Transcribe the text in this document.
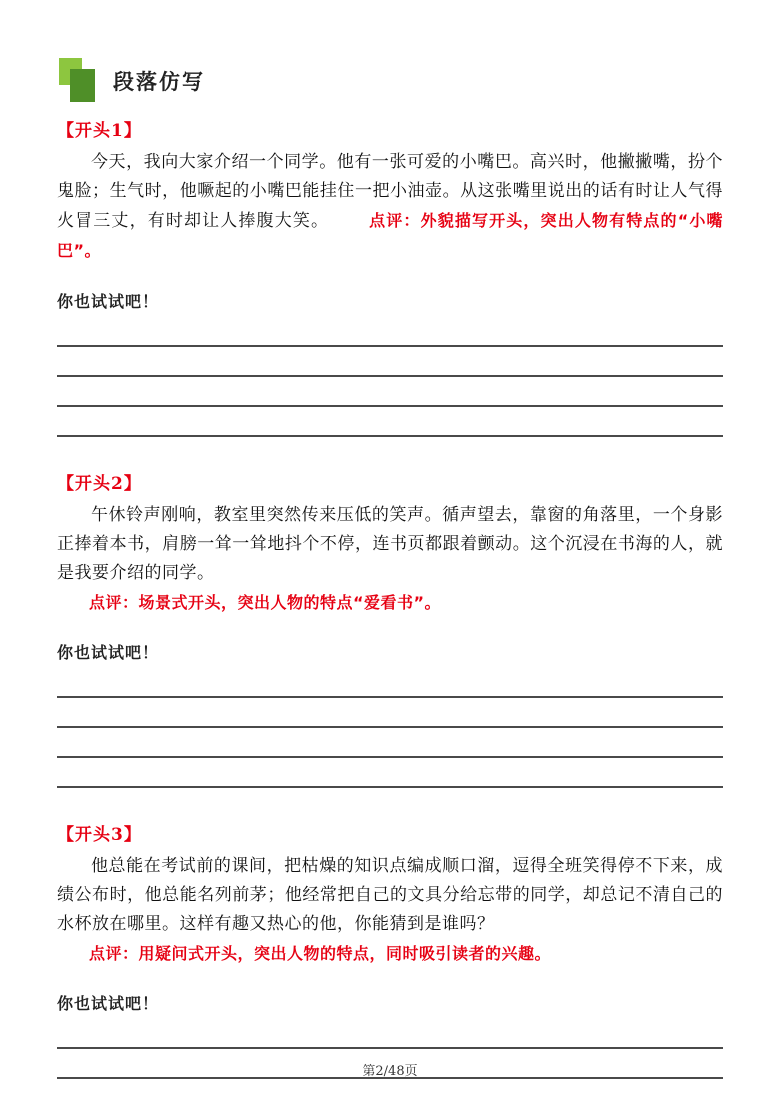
段落仿写
【开头1】

今天，我向大家介绍一个同学。他有一张可爱的小嘴巴。高兴时，他撇撇嘴，扮个鬼脸；生气时，他噘起的小嘴巴能挂住一把小油壶。从这张嘴里说出的话有时让人气得火冒三丈，有时却让人捧腹大笑。	点评：外貌描写开头，突出人物有特点的“小嘴巴”。

你也试试吧！
【开头2】

午休铃声刚响，教室里突然传来压低的笑声。循声望去，靠窗的角落里，一个身影正捧着本书，肩膀一耸一耸地抖个不停，连书页都跟着颤动。这个沉浸在书海的人，就是我要介绍的同学。
点评：场景式开头，突出人物的特点“爱看书”。

你也试试吧！
【开头3】

他总能在考试前的课间，把枯燥的知识点编成顺口溜，逗得全班笑得停不下来，成绩公布时，他总能名列前茅；他经常把自己的文具分给忘带的同学，却总记不清自己的水杯放在哪里。这样有趣又热心的他，你能猜到是谁吗？
点评：用疑问式开头，突出人物的特点，同时吸引读者的兴趣。

你也试试吧！
第2/48页
